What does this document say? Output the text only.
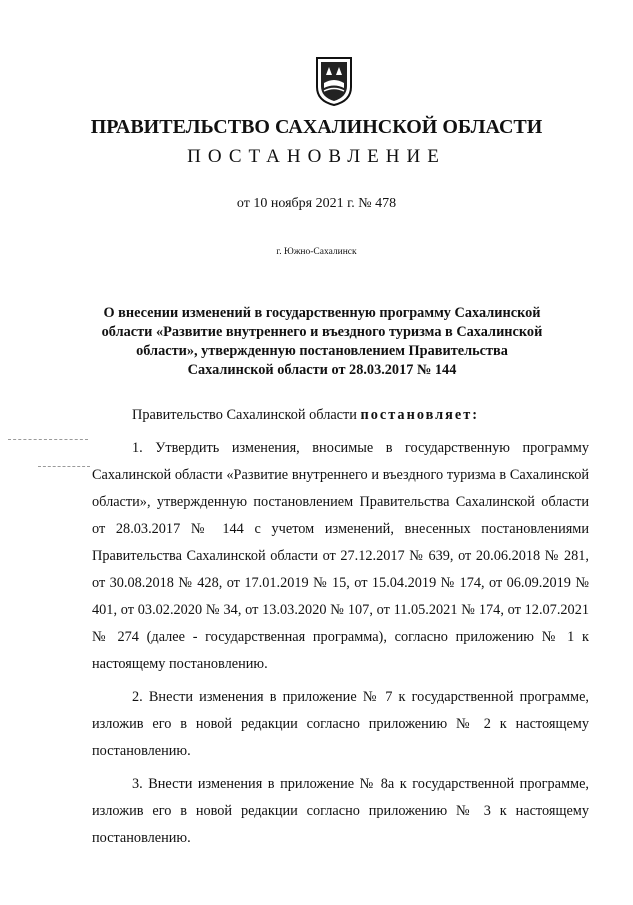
ПРАВИТЕЛЬСТВО САХАЛИНСКОЙ ОБЛАСТИ
ПОСТАНОВЛЕНИЕ
от 10 ноября 2021 г. № 478
г. Южно-Сахалинск
О внесении изменений в государственную программу Сахалинской области «Развитие внутреннего и въездного туризма в Сахалинской области», утвержденную постановлением Правительства Сахалинской области от 28.03.2017 № 144

Правительство Сахалинской области постановляет:

1. Утвердить изменения, вносимые в государственную программу Сахалинской области «Развитие внутреннего и въездного туризма в Сахалинской области», утвержденную постановлением Правительства Сахалинской области от 28.03.2017 № 144 с учетом изменений, внесенных постановлениями Правительства Сахалинской области от 27.12.2017 № 639, от 20.06.2018 № 281, от 30.08.2018 № 428, от 17.01.2019 № 15, от 15.04.2019 № 174, от 06.09.2019 № 401, от 03.02.2020 № 34, от 13.03.2020 № 107, от 11.05.2021 № 174, от 12.07.2021 № 274 (далее - государственная программа), согласно приложению № 1 к настоящему постановлению.

2. Внести изменения в приложение № 7 к государственной программе, изложив его в новой редакции согласно приложению № 2 к настоящему постановлению.

3. Внести изменения в приложение № 8а к государственной программе, изложив его в новой редакции согласно приложению № 3 к настоящему постановлению.
